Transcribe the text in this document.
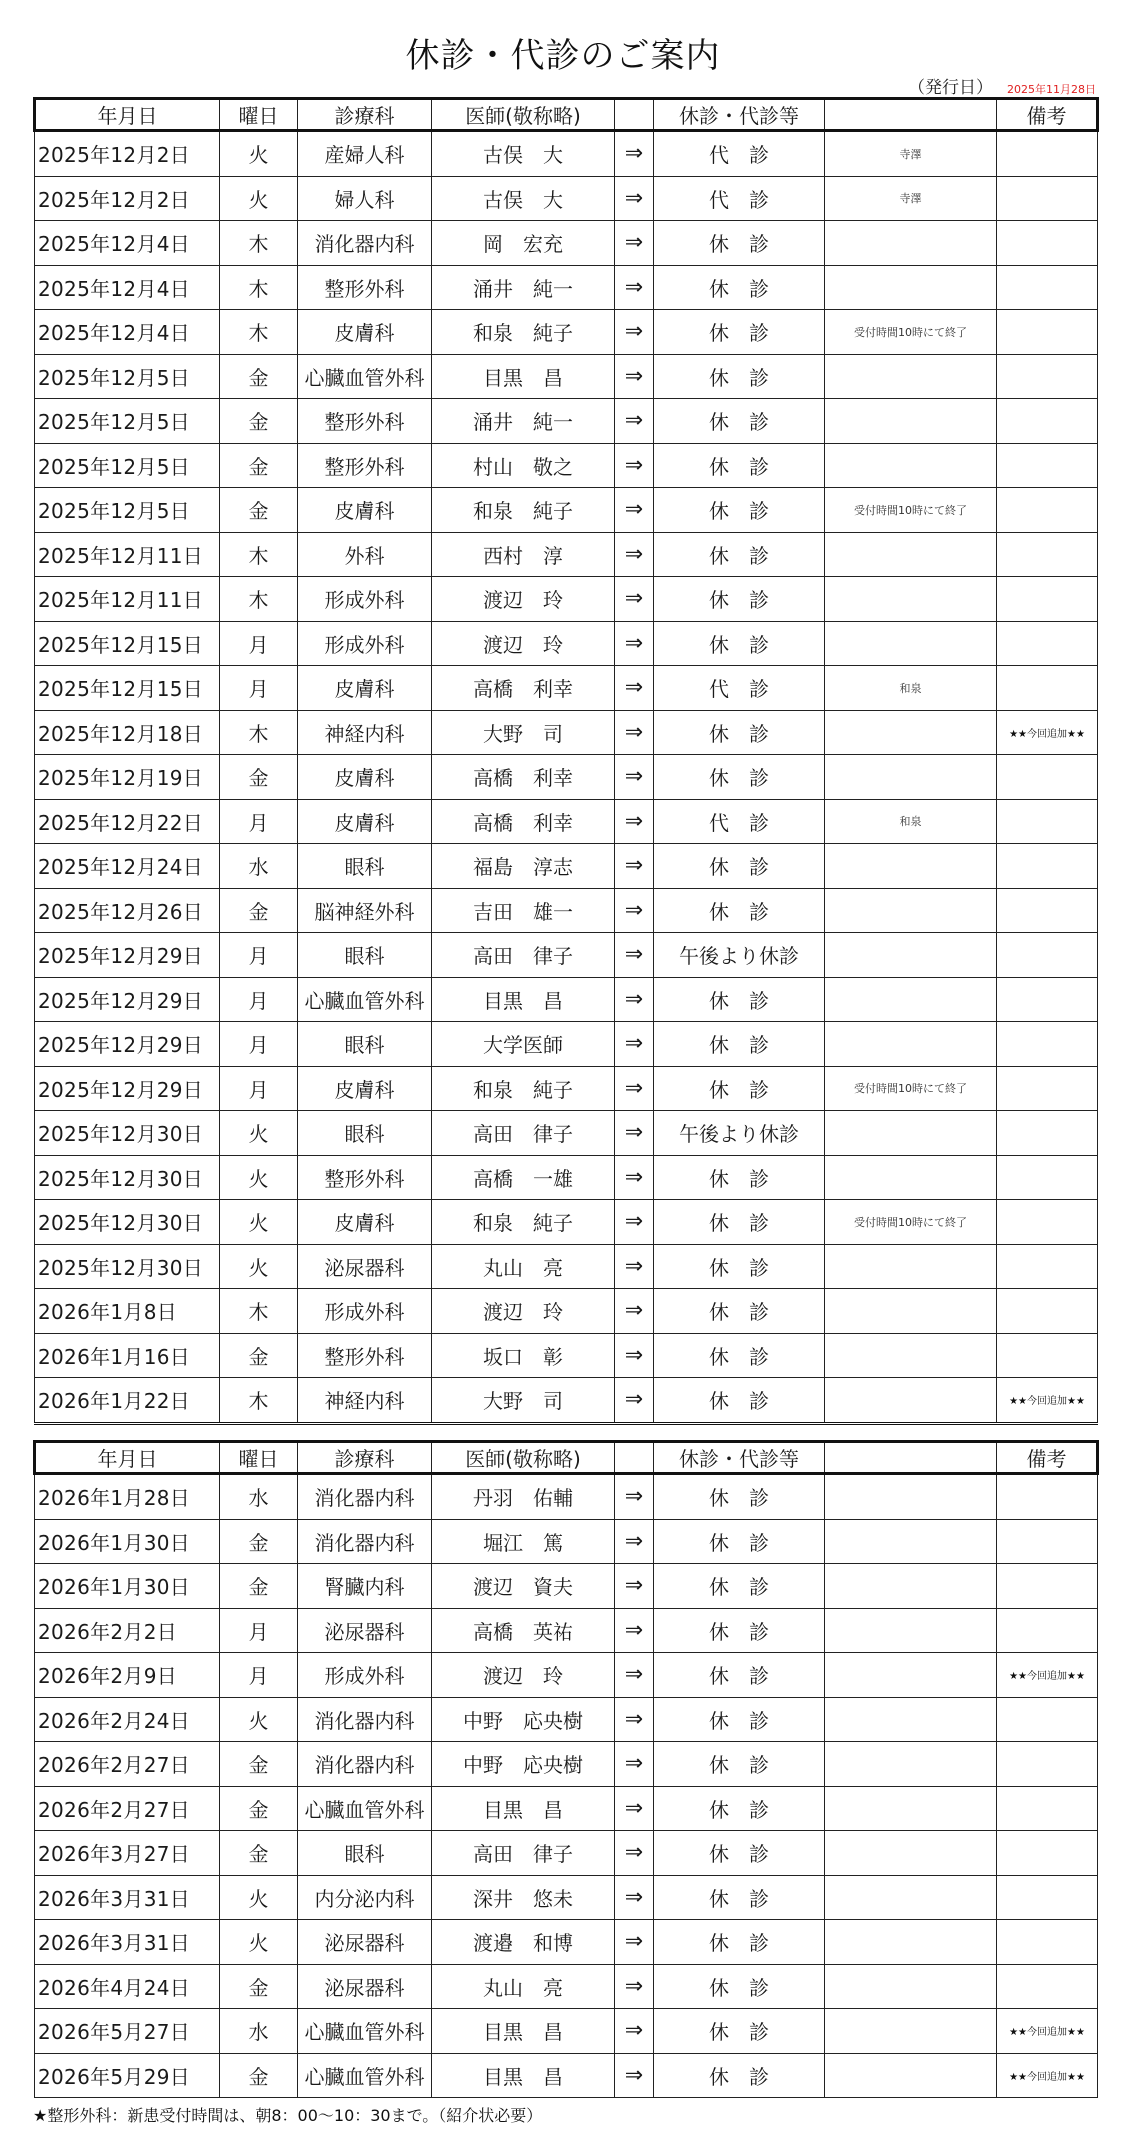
休診・代診のご案内
（発行日） 2025年11月28日
年月日	曜日	診療科	医師(敬称略)		休診・代診等		備考
2025年12月2日	火	産婦人科	古俣　大	⇒	代　診	寺澤	
2025年12月2日	火	婦人科	古俣　大	⇒	代　診	寺澤	
2025年12月4日	木	消化器内科	岡　宏充	⇒	休　診		
2025年12月4日	木	整形外科	涌井　純一	⇒	休　診		
2025年12月4日	木	皮膚科	和泉　純子	⇒	休　診	受付時間10時にて終了	
2025年12月5日	金	心臓血管外科	目黒　昌	⇒	休　診		
2025年12月5日	金	整形外科	涌井　純一	⇒	休　診		
2025年12月5日	金	整形外科	村山　敬之	⇒	休　診		
2025年12月5日	金	皮膚科	和泉　純子	⇒	休　診	受付時間10時にて終了	
2025年12月11日	木	外科	西村　淳	⇒	休　診		
2025年12月11日	木	形成外科	渡辺　玲	⇒	休　診		
2025年12月15日	月	形成外科	渡辺　玲	⇒	休　診		
2025年12月15日	月	皮膚科	高橋　利幸	⇒	代　診	和泉	
2025年12月18日	木	神経内科	大野　司	⇒	休　診		★★今回追加★★
2025年12月19日	金	皮膚科	高橋　利幸	⇒	休　診		
2025年12月22日	月	皮膚科	高橋　利幸	⇒	代　診	和泉	
2025年12月24日	水	眼科	福島　淳志	⇒	休　診		
2025年12月26日	金	脳神経外科	吉田　雄一	⇒	休　診		
2025年12月29日	月	眼科	高田　律子	⇒	午後より休診		
2025年12月29日	月	心臓血管外科	目黒　昌	⇒	休　診		
2025年12月29日	月	眼科	大学医師	⇒	休　診		
2025年12月29日	月	皮膚科	和泉　純子	⇒	休　診	受付時間10時にて終了	
2025年12月30日	火	眼科	高田　律子	⇒	午後より休診		
2025年12月30日	火	整形外科	高橋　一雄	⇒	休　診		
2025年12月30日	火	皮膚科	和泉　純子	⇒	休　診	受付時間10時にて終了	
2025年12月30日	火	泌尿器科	丸山　亮	⇒	休　診		
2026年1月8日	木	形成外科	渡辺　玲	⇒	休　診		
2026年1月16日	金	整形外科	坂口　彰	⇒	休　診		
2026年1月22日	木	神経内科	大野　司	⇒	休　診		★★今回追加★★
年月日	曜日	診療科	医師(敬称略)		休診・代診等		備考
2026年1月28日	水	消化器内科	丹羽　佑輔	⇒	休　診		
2026年1月30日	金	消化器内科	堀江　篤	⇒	休　診		
2026年1月30日	金	腎臓内科	渡辺　資夫	⇒	休　診		
2026年2月2日	月	泌尿器科	高橋　英祐	⇒	休　診		
2026年2月9日	月	形成外科	渡辺　玲	⇒	休　診		★★今回追加★★
2026年2月24日	火	消化器内科	中野　応央樹	⇒	休　診		
2026年2月27日	金	消化器内科	中野　応央樹	⇒	休　診		
2026年2月27日	金	心臓血管外科	目黒　昌	⇒	休　診		
2026年3月27日	金	眼科	高田　律子	⇒	休　診		
2026年3月31日	火	内分泌内科	深井　悠未	⇒	休　診		
2026年3月31日	火	泌尿器科	渡邉　和博	⇒	休　診		
2026年4月24日	金	泌尿器科	丸山　亮	⇒	休　診		
2026年5月27日	水	心臓血管外科	目黒　昌	⇒	休　診		★★今回追加★★
2026年5月29日	金	心臓血管外科	目黒　昌	⇒	休　診		★★今回追加★★
★整形外科：新患受付時間は、朝8：00～10：30まで。（紹介状必要）
